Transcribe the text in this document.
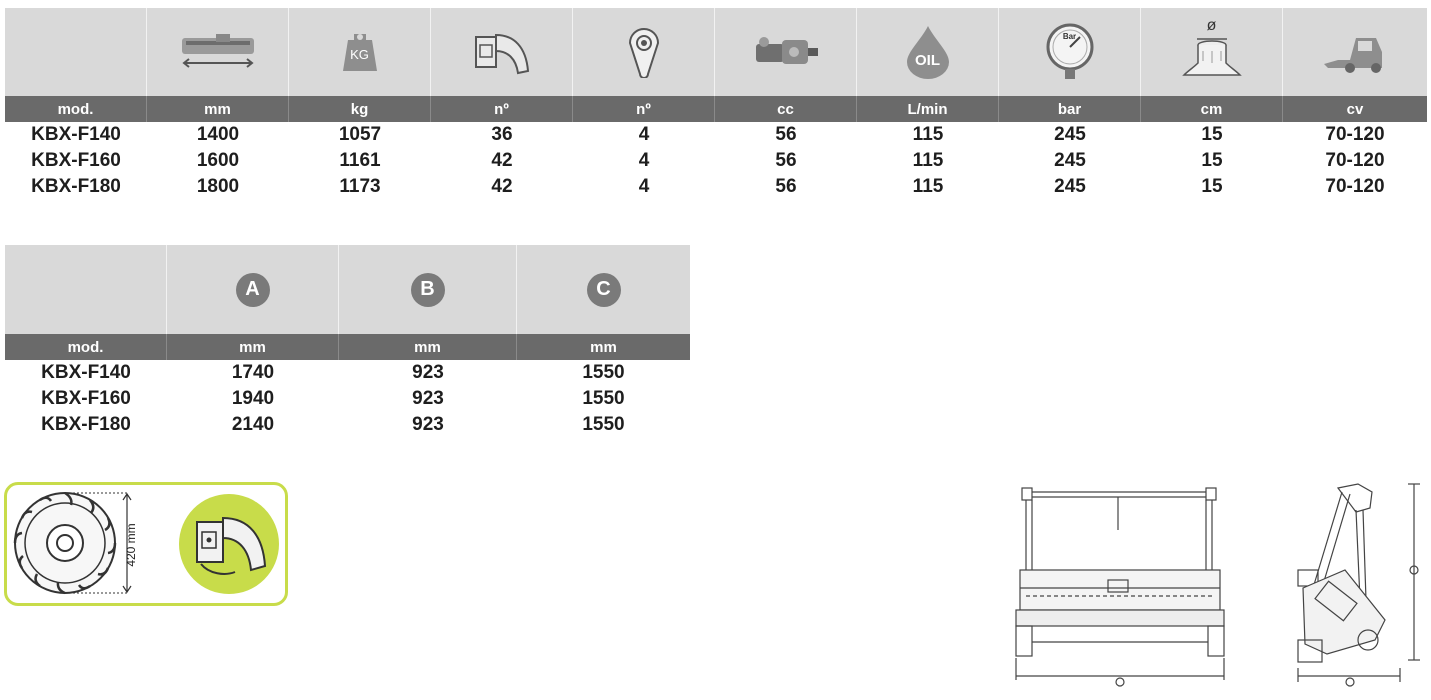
KG	OIL
Bar
ø
mod.	mm	kg	nº	nº	cc	L/min	bar	cm	cv
KBX-F140	1400	1057	36	4	56	115	245	15	70-120
KBX-F160	1600	1161	42	4	56	115	245	15	70-120
KBX-F180	1800	1173	42	4	56	115	245	15	70-120
A	B	C
mod.	mm	mm	mm
KBX-F140	1740	923	1550
KBX-F160	1940	923	1550
KBX-F180	2140	923	1550
420 mm
